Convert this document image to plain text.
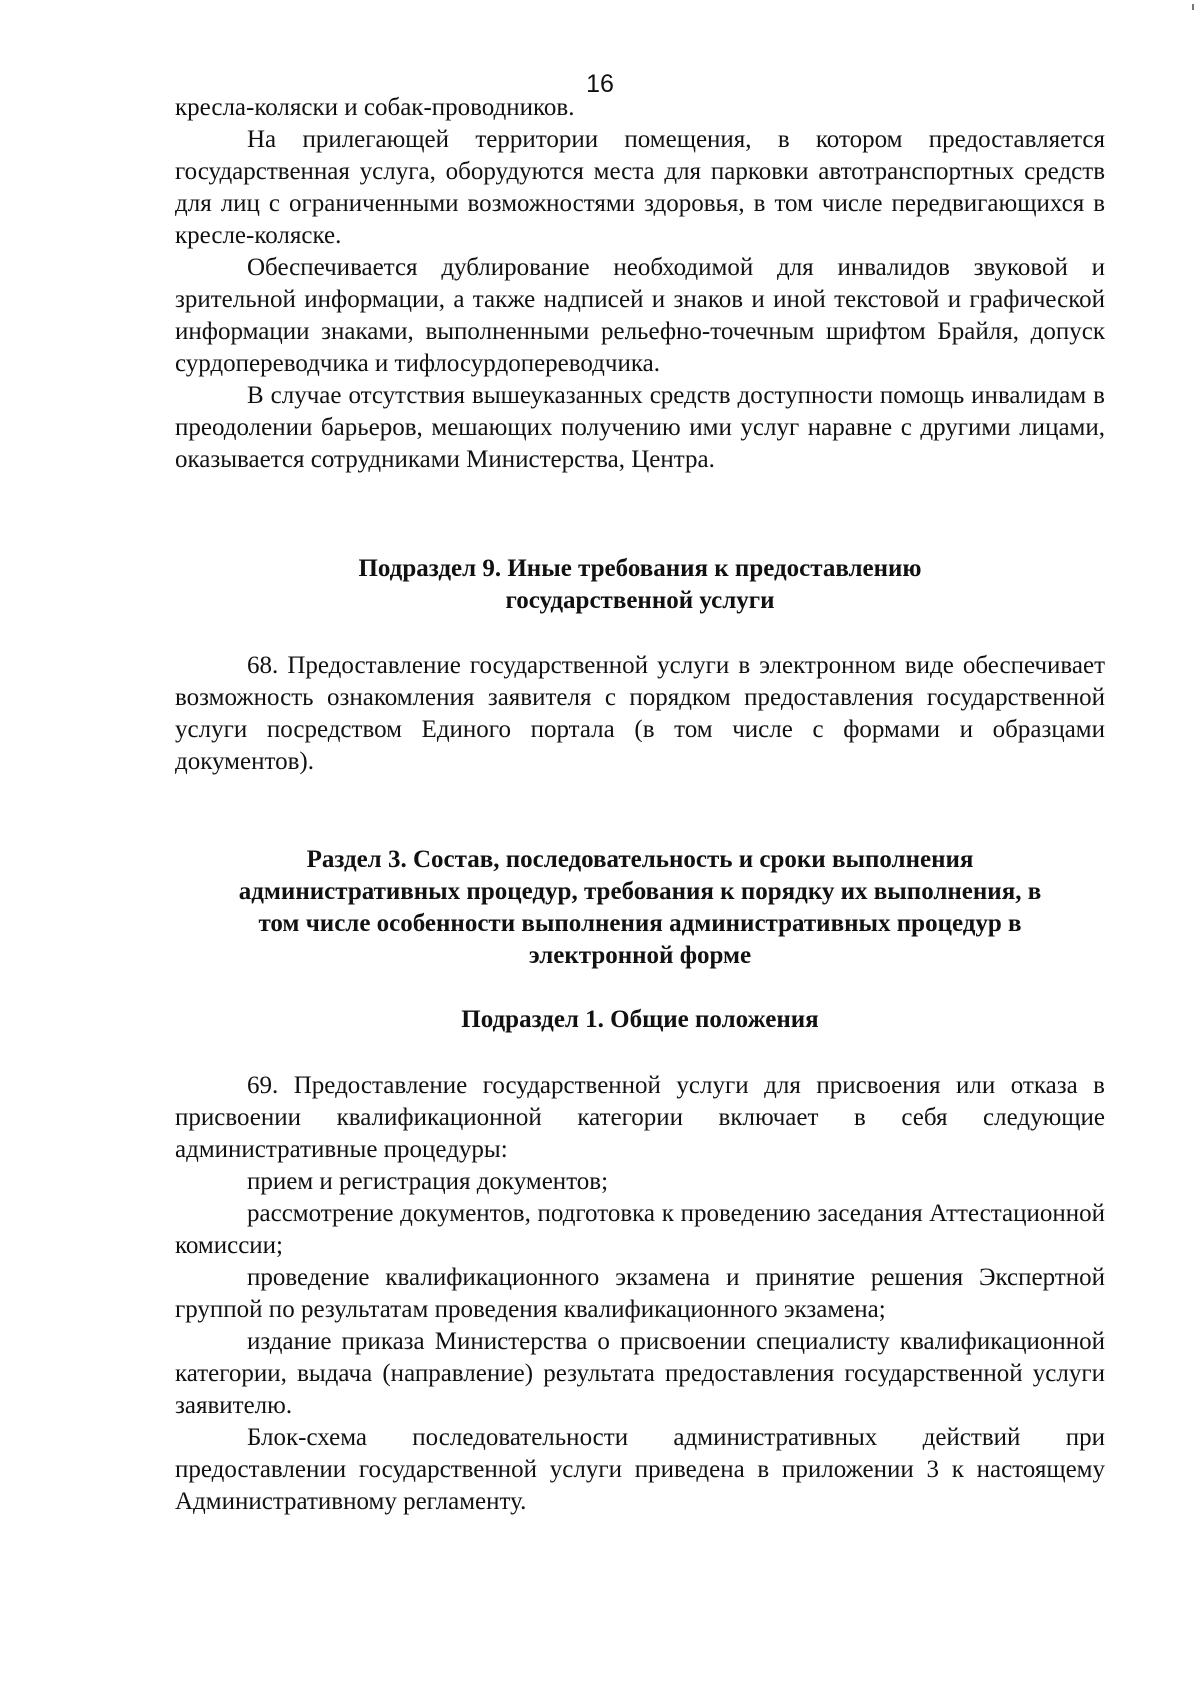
16

кресла-коляски и собак-проводников.

На прилегающей территории помещения, в котором предоставляется государственная услуга, оборудуются места для парковки автотранспортных средств для лиц с ограниченными возможностями здоровья, в том числе передвигающихся в кресле-коляске.

Обеспечивается дублирование необходимой для инвалидов звуковой и зрительной информации, а также надписей и знаков и иной текстовой и графической информации знаками, выполненными рельефно-точечным шрифтом Брайля, допуск сурдопереводчика и тифлосурдопереводчика.

В случае отсутствия вышеуказанных средств доступности помощь инвалидам в преодолении барьеров, мешающих получению ими услуг наравне с другими лицами, оказывается сотрудниками Министерства, Центра.

Подраздел 9. Иные требования к предоставлению

государственной услуги

68. Предоставление государственной услуги в электронном виде обеспечивает возможность ознакомления заявителя с порядком предоставления государственной услуги посредством Единого портала (в том числе с формами и образцами документов).

Раздел 3. Состав, последовательность и сроки выполнения

административных процедур, требования к порядку их выполнения, в

том числе особенности выполнения административных процедур в

электронной форме

Подраздел 1. Общие положения

69. Предоставление государственной услуги для присвоения или отказа в присвоении квалификационной категории включает в себя следующие административные процедуры:

прием и регистрация документов;
рассмотрение документов, подготовка к проведению заседания Аттестационной комиссии;
проведение квалификационного экзамена и принятие решения Экспертной группой по результатам проведения квалификационного экзамена;
издание приказа Министерства о присвоении специалисту квалификационной категории, выдача (направление) результата предоставления государственной услуги заявителю.

Блок-схема последовательности административных действий при предоставлении государственной услуги приведена в приложении 3 к настоящему Административному регламенту.
